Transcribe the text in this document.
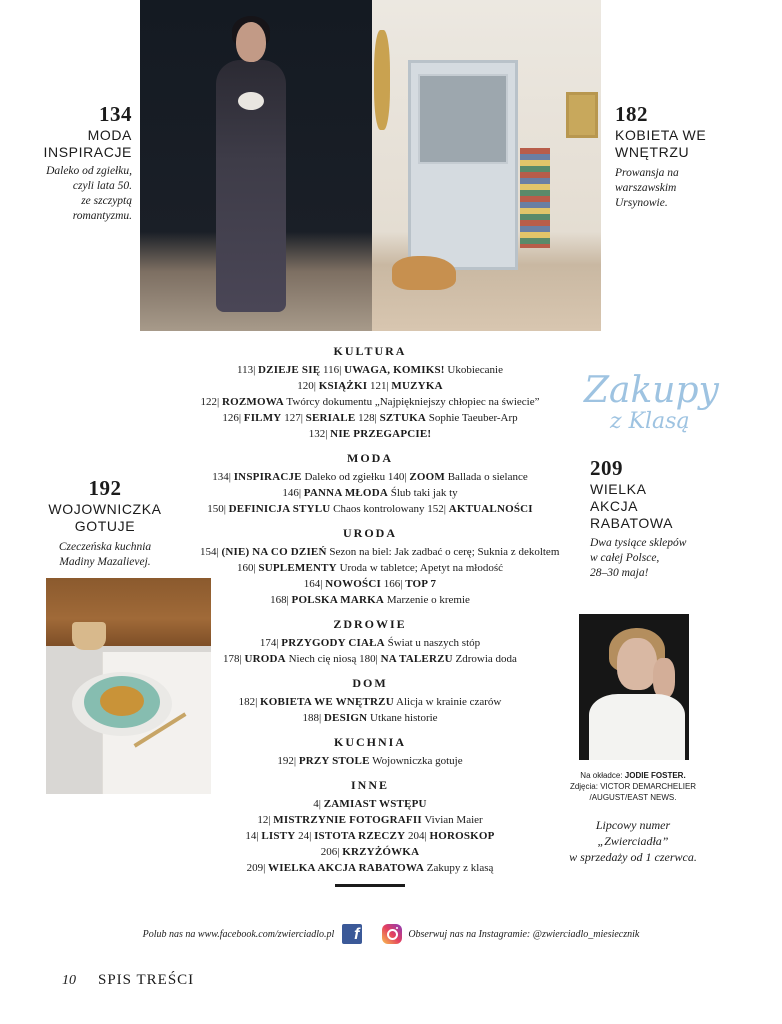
134
MODA
INSPIRACJE
Daleko od zgiełku,
czyli lata 50.
ze szczyptą
romantyzmu.
182
KOBIETA WE
WNĘTRZU
Prowansja na
warszawskim
Ursynowie.
Zakupy
z Klasą
209
WIELKA
AKCJA RABATOWA
Dwa tysiące sklepów
w całej Polsce,
28–30 maja!
192
WOJOWNICZKA
GOTUJE
Czeczeńska kuchnia
Madiny Mazalievej.
KULTURA
113| DZIEJE SIĘ 116| UWAGA, KOMIKS! Ukobiecanie
120| KSIĄŻKI 121| MUZYKA
122| ROZMOWA Twórcy dokumentu „Najpiękniejszy chłopiec na świecie”
126| FILMY 127| SERIALE 128| SZTUKA Sophie Taeuber-Arp
132| NIE PRZEGAPCIE!
MODA
134| INSPIRACJE Daleko od zgiełku 140| ZOOM Ballada o sielance
146| PANNA MŁODA Ślub taki jak ty
150| DEFINICJA STYLU Chaos kontrolowany 152| AKTUALNOŚCI
URODA
154| (NIE) NA CO DZIEŃ Sezon na biel: Jak zadbać o cerę; Suknia z dekoltem
160| SUPLEMENTY Uroda w tabletce; Apetyt na młodość
164| NOWOŚCI 166| TOP 7
168| POLSKA MARKA Marzenie o kremie
ZDROWIE
174| PRZYGODY CIAŁA Świat u naszych stóp
178| URODA Niech cię niosą 180| NA TALERZU Zdrowia doda
DOM
182| KOBIETA WE WNĘTRZU Alicja w krainie czarów
188| DESIGN Utkane historie
KUCHNIA
192| PRZY STOLE Wojowniczka gotuje
INNE
4| ZAMIAST WSTĘPU
12| MISTRZYNIE FOTOGRAFII Vivian Maier
14| LISTY 24| ISTOTA RZECZY 204| HOROSKOP
206| KRZYŻÓWKA
209| WIELKA AKCJA RABATOWA Zakupy z klasą
Na okładce: JODIE FOSTER.
Zdjęcia: VICTOR DEMARCHELIER
/AUGUST/EAST NEWS.
Lipcowy numer
„Zwierciadła”
w sprzedaży od 1 czerwca.
Polub nas na www.facebook.com/zwierciadlo.pl	f	Obserwuj nas na Instagramie: @zwierciadlo_miesiecznik
10 SPIS TREŚCI
